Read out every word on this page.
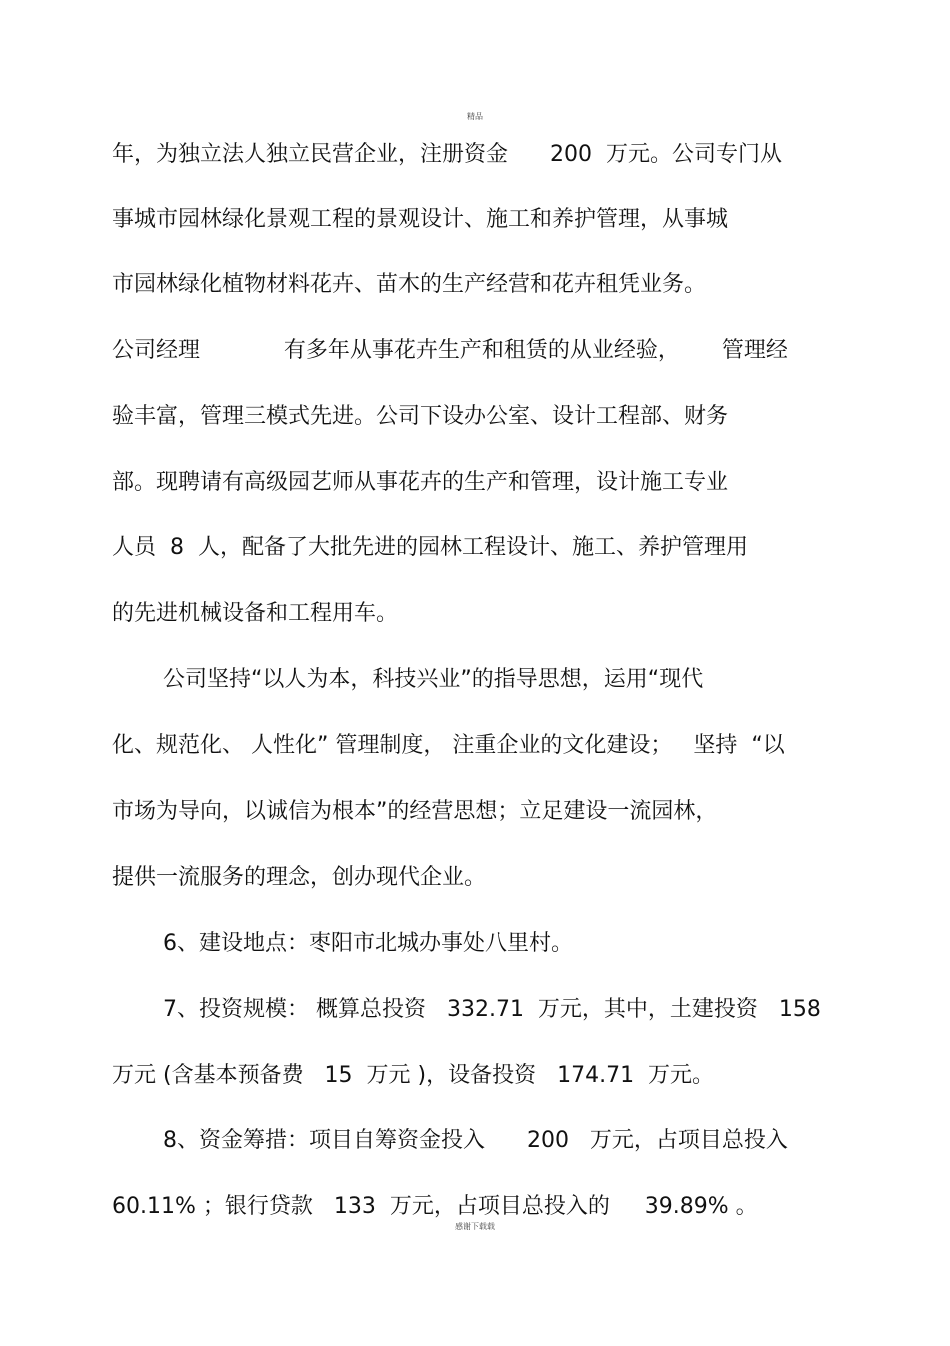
精品

年，为独立法人独立民营企业，注册资金      200  万元。公司专门从

事城市园林绿化景观工程的景观设计、施工和养护管理，从事城

市园林绿化植物材料花卉、苗木的生产经营和花卉租凭业务。

公司经理            有多年从事花卉生产和租赁的从业经验，      管理经

验丰富，管理三模式先进。公司下设办公室、设计工程部、财务

部。现聘请有高级园艺师从事花卉的生产和管理，设计施工专业

人员  8  人，配备了大批先进的园林工程设计、施工、养护管理用

的先进机械设备和工程用车。

公司坚持“以人为本，科技兴业”的指导思想，运用“现代

化、规范化、 人性化” 管理制度， 注重企业的文化建设；   坚持  “以

市场为导向，以诚信为根本”的经营思想；立足建设一流园林，

提供一流服务的理念，创办现代企业。

6、建设地点：枣阳市北城办事处八里村。

7、投资规模： 概算总投资   332.71  万元，其中，土建投资   158

万元 (含基本预备费   15  万元 )，设备投资   174.71  万元。

8、资金筹措：项目自筹资金投入      200   万元，占项目总投入

60.11% ；银行贷款   133  万元，占项目总投入的     39.89% 。

感谢下载载
